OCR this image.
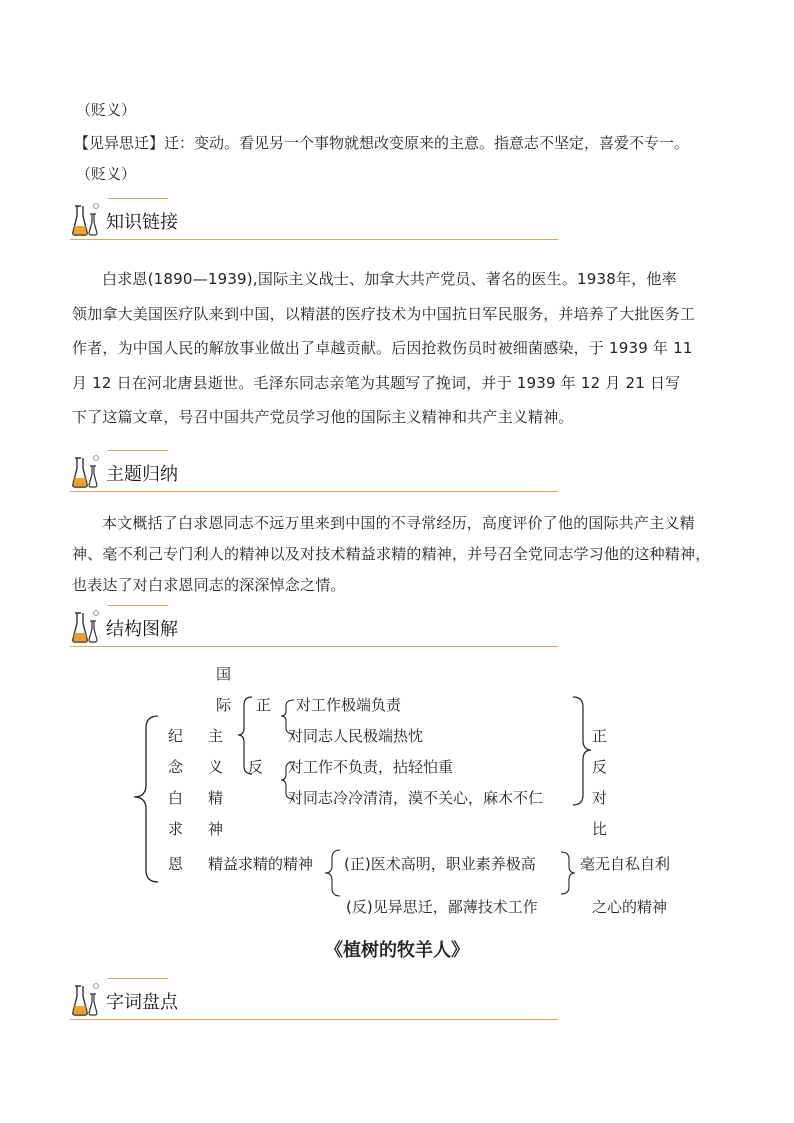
（贬义）
【见异思迁】迁：变动。看见另一个事物就想改变原来的主意。指意志不坚定，喜爱不专一。
（贬义）
知识链接
白求恩(1890—1939),国际主义战士、加拿大共产党员、著名的医生。1938年，他率
领加拿大美国医疗队来到中国，以精湛的医疗技术为中国抗日军民服务，并培养了大批医务工
作者，为中国人民的解放事业做出了卓越贡献。后因抢救伤员时被细菌感染，于 1939 年 11
月 12 日在河北唐县逝世。毛泽东同志亲笔为其题写了挽词，并于 1939 年 12 月 21 日写
下了这篇文章，号召中国共产党员学习他的国际主义精神和共产主义精神。
主题归纳
本文概括了白求恩同志不远万里来到中国的不寻常经历，高度评价了他的国际共产主义精
神、毫不利己专门利人的精神以及对技术精益求精的精神，并号召全党同志学习他的这种精神，
也表达了对白求恩同志的深深悼念之情。
结构图解
纪
念
白
求
恩
国
际
主
义
精
神
正
反
对工作极端负责
对同志人民极端热忱
对工作不负责，拈轻怕重
对同志冷冷清清，漠不关心，麻木不仁
正
反
对
比
精益求精的精神 (正)医术高明，职业素养极高
(反)见异思迁，鄙薄技术工作
毫无自私自利
之心的精神
《植树的牧羊人》
字词盘点
